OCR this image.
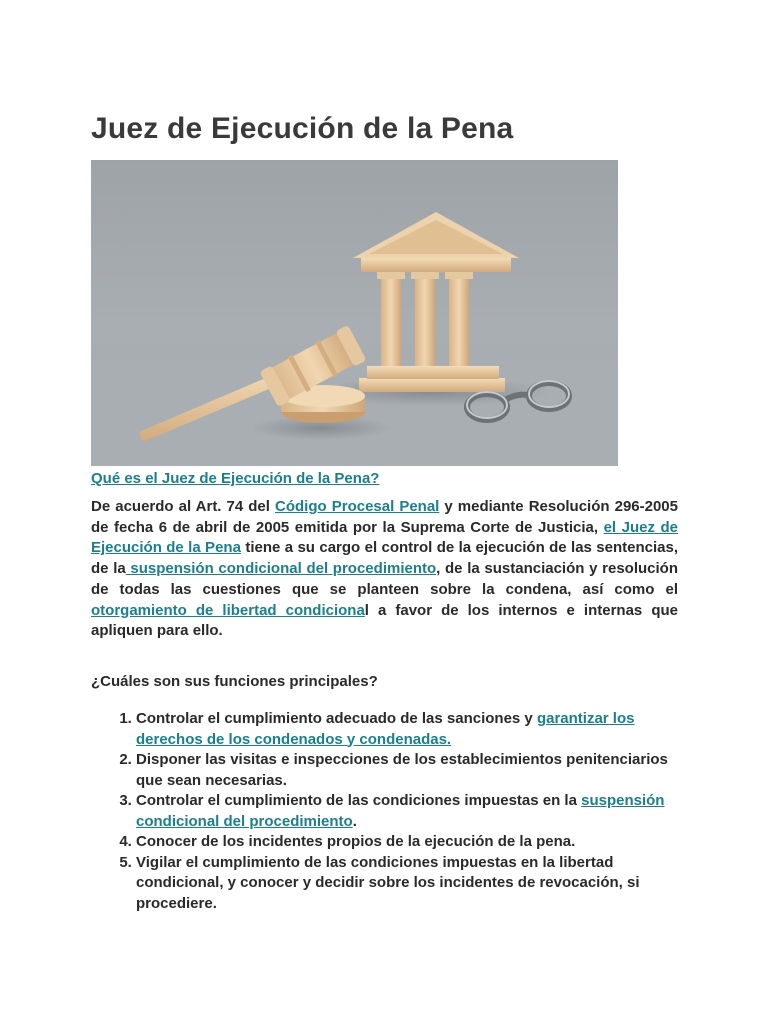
Juez de Ejecución de la Pena

Qué es el Juez de Ejecución de la Pena?

De acuerdo al Art. 74 del Código Procesal Penal y mediante Resolución 296-2005 de fecha 6 de abril de 2005 emitida por la Suprema Corte de Justicia, el Juez de Ejecución de la Pena tiene a su cargo el control de la ejecución de las sentencias, de la suspensión condicional del procedimiento, de la sustanciación y resolución de todas las cuestiones que se planteen sobre la condena, así como el otorgamiento de libertad condicional a favor de los internos e internas que apliquen para ello.

¿Cuáles son sus funciones principales?

1. Controlar el cumplimiento adecuado de las sanciones y garantizar los derechos de los condenados y condenadas.
2. Disponer las visitas e inspecciones de los establecimientos penitenciarios que sean necesarias.
3. Controlar el cumplimiento de las condiciones impuestas en la suspensión condicional del procedimiento.
4. Conocer de los incidentes propios de la ejecución de la pena.
5. Vigilar el cumplimiento de las condiciones impuestas en la libertad condicional, y conocer y decidir sobre los incidentes de revocación, si procediere.
